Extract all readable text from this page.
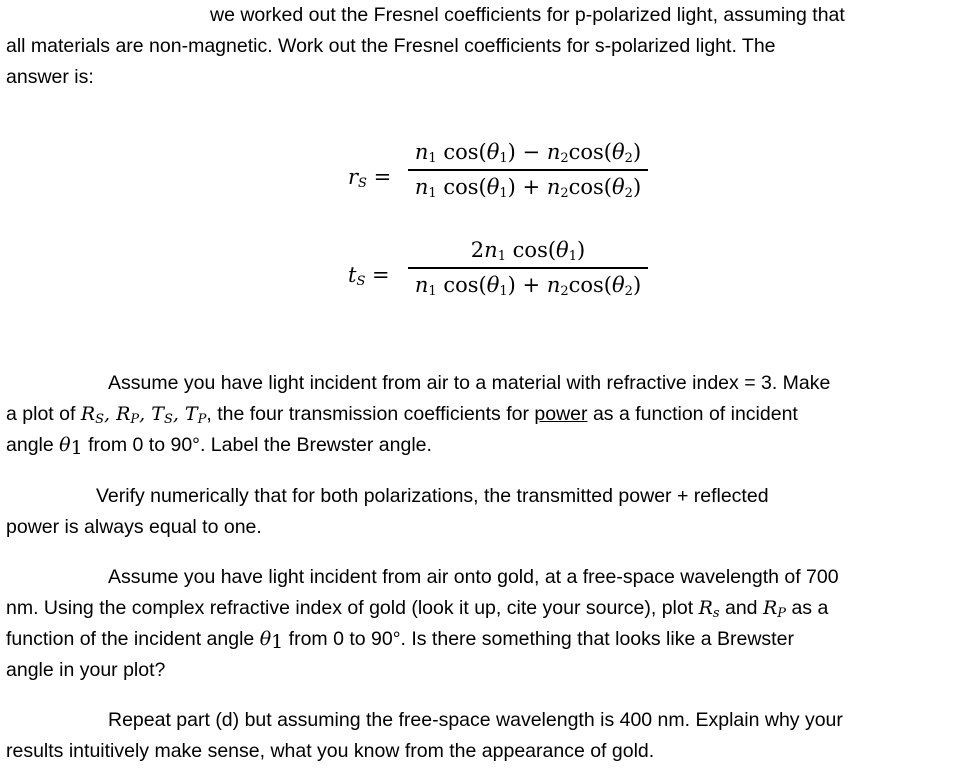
we worked out the Fresnel coefficients for p-polarized light, assuming that
all materials are non-magnetic. Work out the Fresnel coefficients for s-polarized light. The
answer is:

$r_S$ =
$n_1$ $\cos(\theta_1) - n_2\cos(\theta_2)$
$n_1$ $\cos(\theta_1) + n_2\cos(\theta_2)$
$t_S$ =
$2n_1$ $\cos(\theta_1)$
$n_1$ $\cos(\theta_1) + n_2\cos(\theta_2)$

Assume you have light incident from air to a material with refractive index = 3. Make
a plot of $R_S$, $R_P$, $T_S$, $T_P$, the four transmission coefficients for power as a function of incident
angle $\theta_1$ from 0 to 90°. Label the Brewster angle.

Verify numerically that for both polarizations, the transmitted power + reflected
power is always equal to one.

Assume you have light incident from air onto gold, at a free-space wavelength of 700
nm. Using the complex refractive index of gold (look it up, cite your source), plot $R_s$ and $R_P$ as a
function of the incident angle $\theta_1$ from 0 to 90°. Is there something that looks like a Brewster
angle in your plot?

Repeat part (d) but assuming the free-space wavelength is 400 nm. Explain why your
results intuitively make sense, what you know from the appearance of gold.
